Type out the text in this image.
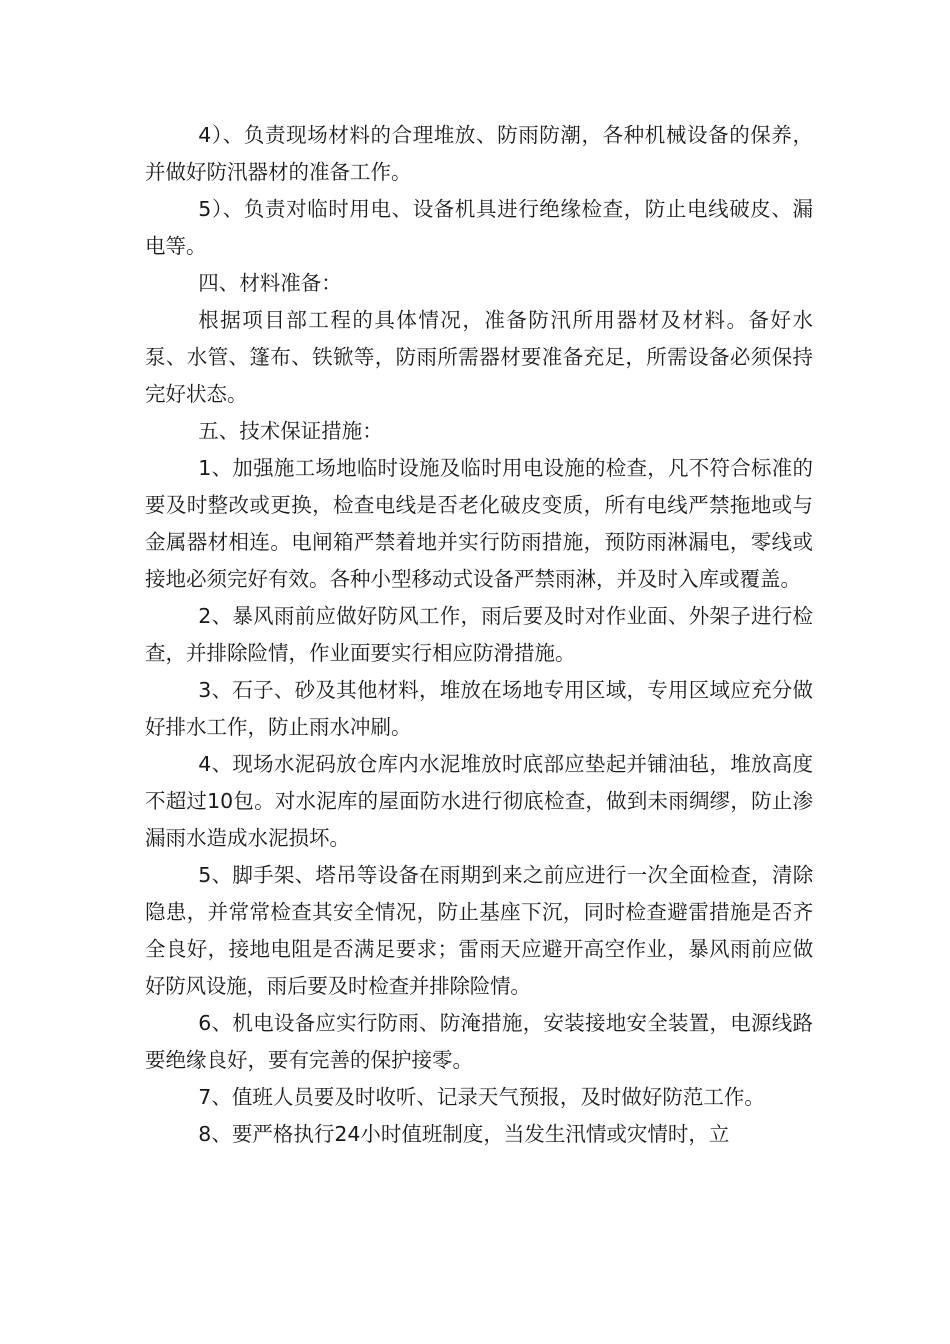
4）、负责现场材料的合理堆放、防雨防潮，各种机械设备的保养，并做好防汛器材的准备工作。

5）、负责对临时用电、设备机具进行绝缘检查，防止电线破皮、漏电等。

四、材料准备：

根据项目部工程的具体情况，准备防汛所用器材及材料。备好水泵、水管、篷布、铁锨等，防雨所需器材要准备充足，所需设备必须保持完好状态。

五、技术保证措施：

1、加强施工场地临时设施及临时用电设施的检查，凡不符合标准的要及时整改或更换，检查电线是否老化破皮变质，所有电线严禁拖地或与金属器材相连。电闸箱严禁着地并实行防雨措施，预防雨淋漏电，零线或接地必须完好有效。各种小型移动式设备严禁雨淋，并及时入库或覆盖。

2、暴风雨前应做好防风工作，雨后要及时对作业面、外架子进行检查，并排除险情，作业面要实行相应防滑措施。

3、石子、砂及其他材料，堆放在场地专用区域，专用区域应充分做好排水工作，防止雨水冲刷。

4、现场水泥码放仓库内水泥堆放时底部应垫起并铺油毡，堆放高度不超过10包。对水泥库的屋面防水进行彻底检查，做到未雨绸缪，防止渗漏雨水造成水泥损坏。

5、脚手架、塔吊等设备在雨期到来之前应进行一次全面检查，清除隐患，并常常检查其安全情况，防止基座下沉，同时检查避雷措施是否齐全良好，接地电阻是否满足要求；雷雨天应避开高空作业，暴风雨前应做好防风设施，雨后要及时检查并排除险情。

6、机电设备应实行防雨、防淹措施，安装接地安全装置，电源线路要绝缘良好，要有完善的保护接零。

7、值班人员要及时收听、记录天气预报，及时做好防范工作。

8、要严格执行24小时值班制度，当发生汛情或灾情时，立
